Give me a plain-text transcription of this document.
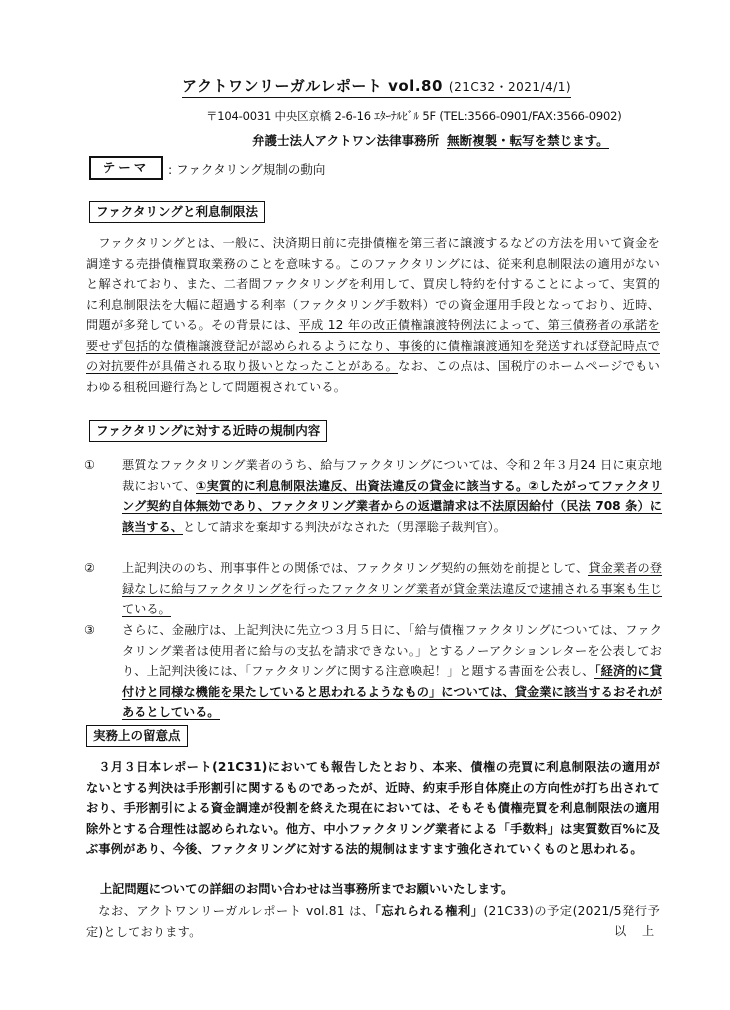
アクトワンリーガルレポート vol.80 (21C32・2021/4/1)
〒104-0031 中央区京橋 2-6-16 ｴﾀｰﾅﾙﾋﾞﾙ 5F (TEL:3566-0901/FAX:3566-0902)
弁護士法人アクトワン法律事務所 無断複製・転写を禁じます。
テーマ	: ファクタリング規制の動向
ファクタリングと利息制限法
ファクタリングとは、一般に、決済期日前に売掛債権を第三者に譲渡するなどの方法を用いて資金を調達する売掛債権買取業務のことを意味する。このファクタリングには、従来利息制限法の適用がないと解されており、また、二者間ファクタリングを利用して、買戻し特約を付することによって、実質的に利息制限法を大幅に超過する利率（ファクタリング手数料）での資金運用手段となっており、近時、問題が多発している。その背景には、平成 12 年の改正債権譲渡特例法によって、第三債務者の承諾を要せず包括的な債権譲渡登記が認められるようになり、事後的に債権譲渡通知を発送すれば登記時点での対抗要件が具備される取り扱いとなったことがある。なお、この点は、国税庁のホームページでもいわゆる租税回避行為として問題視されている。
ファクタリングに対する近時の規制内容
① 悪質なファクタリング業者のうち、給与ファクタリングについては、令和２年３月24 日に東京地裁において、①実質的に利息制限法違反、出資法違反の貸金に該当する。②したがってファクタリング契約自体無効であり、ファクタリング業者からの返還請求は不法原因給付（民法 708 条）に該当する、として請求を棄却する判決がなされた（男澤聡子裁判官）。
② 上記判決ののち、刑事事件との関係では、ファクタリング契約の無効を前提として、貸金業者の登録なしに給与ファクタリングを行ったファクタリング業者が貸金業法違反で逮捕される事案も生じている。
③ さらに、金融庁は、上記判決に先立つ３月５日に、「給与債権ファクタリングについては、ファクタリング業者は使用者に給与の支払を請求できない。」とするノーアクションレターを公表しており、上記判決後には、「ファクタリングに関する注意喚起！」と題する書面を公表し、「経済的に貸付けと同様な機能を果たしていると思われるようなもの」については、貸金業に該当するおそれがあるとしている。
実務上の留意点
３月３日本レポート(21C31)においても報告したとおり、本来、債権の売買に利息制限法の適用がないとする判決は手形割引に関するものであったが、近時、約束手形自体廃止の方向性が打ち出されており、手形割引による資金調達が役割を終えた現在においては、そもそも債権売買を利息制限法の適用除外とする合理性は認められない。他方、中小ファクタリング業者による「手数料」は実質数百%に及ぶ事例があり、今後、ファクタリングに対する法的規制はますます強化されていくものと思われる。
上記問題についての詳細のお問い合わせは当事務所までお願いいたします。
なお、アクトワンリーガルレポート vol.81 は、「忘れられる権利」(21C33)の予定(2021/5発行予定)としております。	以 上
